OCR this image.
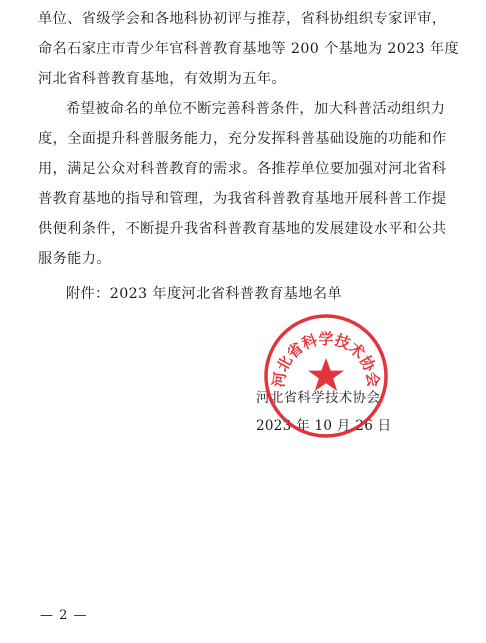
单位、省级学会和各地科协初评与推荐，省科协组织专家评审，
命名石家庄市青少年官科普教育基地等 200 个基地为 2023 年度
河北省科普教育基地，有效期为五年。
希望被命名的单位不断完善科普条件，加大科普活动组织力
度，全面提升科普服务能力，充分发挥科普基础设施的功能和作
用，满足公众对科普教育的需求。各推荐单位要加强对河北省科
普教育基地的指导和管理，为我省科普教育基地开展科普工作提
供便利条件，不断提升我省科普教育基地的发展建设水平和公共
服务能力。
附件：2023 年度河北省科普教育基地名单
河北省科学技术协会
2023 年 10 月 26 日
河北省科学技术协会
— 2 —
